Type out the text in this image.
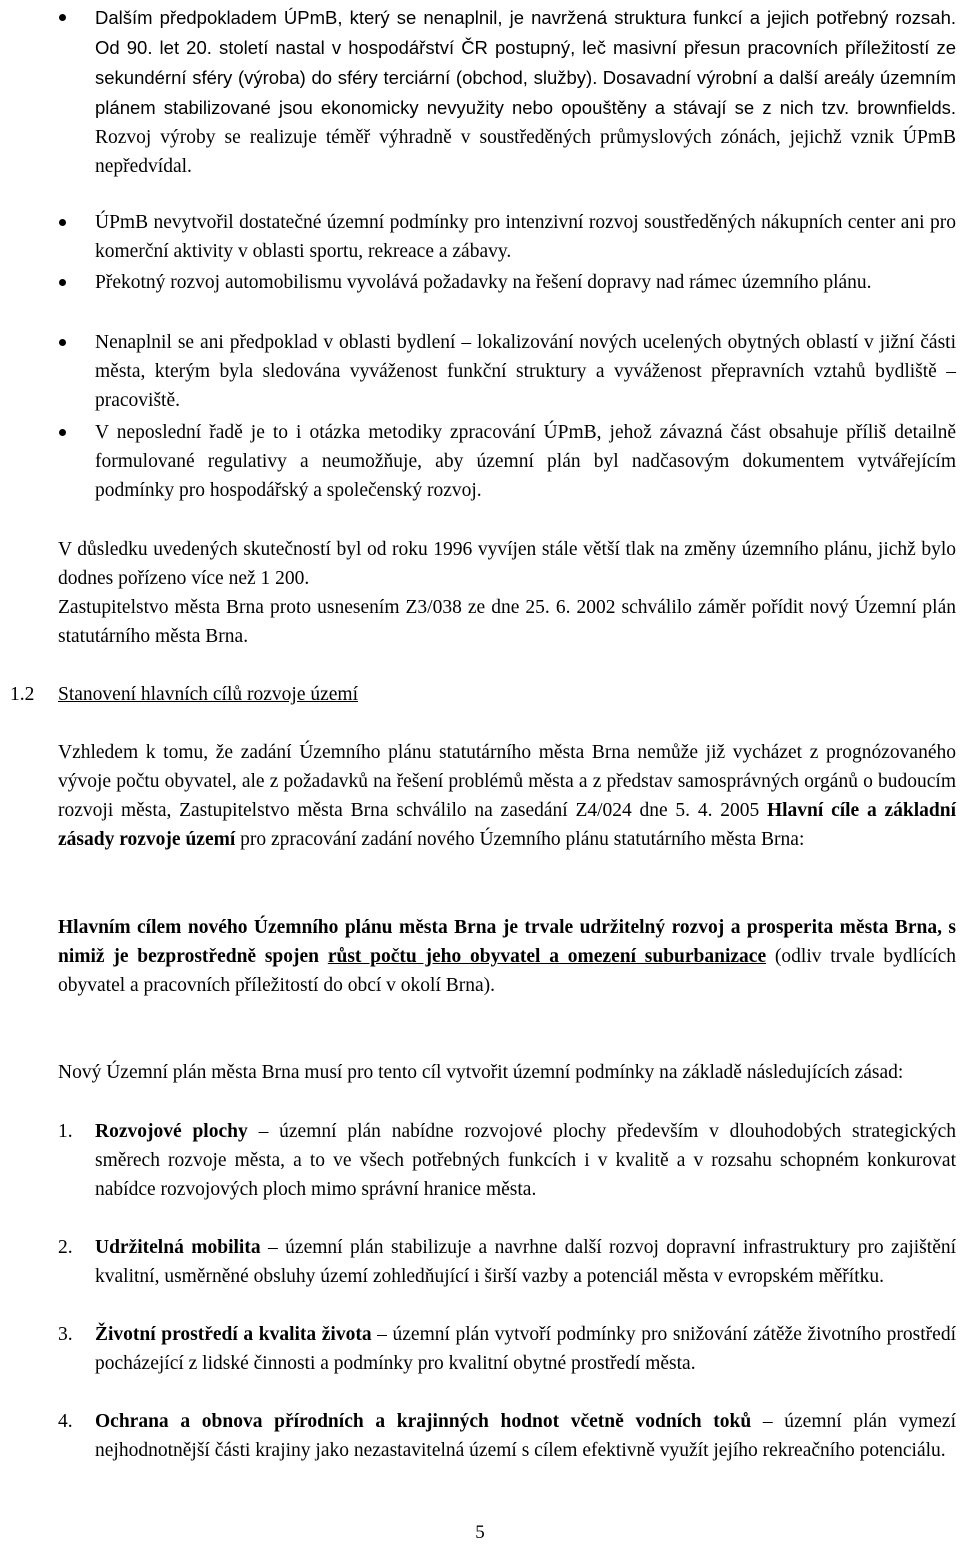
Dalším předpokladem ÚPmB, který se nenaplnil, je navržená struktura funkcí a jejich potřebný rozsah. Od 90. let 20. století nastal v hospodářství ČR postupný, leč masivní přesun pracovních příležitostí ze sekundérní sféry (výroba) do sféry terciární (obchod, služby). Dosavadní výrobní a další areály územním plánem stabilizované jsou ekonomicky nevyužity nebo opouštěny a stávají se z nich tzv. brownfields. Rozvoj výroby se realizuje téměř výhradně v soustředěných průmyslových zónách, jejichž vznik ÚPmB nepředvídal.
ÚPmB nevytvořil dostatečné územní podmínky pro intenzivní rozvoj soustředěných nákupních center ani pro komerční aktivity v oblasti sportu, rekreace a zábavy.
Překotný rozvoj automobilismu vyvolává požadavky na řešení dopravy nad rámec územního plánu.
Nenaplnil se ani předpoklad v oblasti bydlení – lokalizování nových ucelených obytných oblastí v jižní části města, kterým byla sledována vyváženost funkční struktury a vyváženost přepravních vztahů bydliště – pracoviště.
V neposlední řadě je to i otázka metodiky zpracování ÚPmB, jehož závazná část obsahuje příliš detailně formulované regulativy a neumožňuje, aby územní plán byl nadčasovým dokumentem vytvářejícím podmínky pro hospodářský a společenský rozvoj.
V důsledku uvedených skutečností byl od roku 1996 vyvíjen stále větší tlak na změny územního plánu, jichž bylo dodnes pořízeno více než 1 200.
Zastupitelstvo města Brna proto usnesením Z3/038 ze dne 25. 6. 2002 schválilo záměr pořídit nový Územní plán statutárního města Brna.
1.2 Stanovení hlavních cílů rozvoje území
Vzhledem k tomu, že zadání Územního plánu statutárního města Brna nemůže již vycházet z prognózovaného vývoje počtu obyvatel, ale z požadavků na řešení problémů města a z představ samosprávných orgánů o budoucím rozvoji města, Zastupitelstvo města Brna schválilo na zasedání Z4/024 dne 5. 4. 2005 Hlavní cíle a základní zásady rozvoje území pro zpracování zadání nového Územního plánu statutárního města Brna:
Hlavním cílem nového Územního plánu města Brna je trvale udržitelný rozvoj a prosperita města Brna, s nimiž je bezprostředně spojen růst počtu jeho obyvatel a omezení suburbanizace (odliv trvale bydlících obyvatel a pracovních příležitostí do obcí v okolí Brna).
Nový Územní plán města Brna musí pro tento cíl vytvořit územní podmínky na základě následujících zásad:
1. Rozvojové plochy – územní plán nabídne rozvojové plochy především v dlouhodobých strategických směrech rozvoje města, a to ve všech potřebných funkcích i v kvalitě a v rozsahu schopném konkurovat nabídce rozvojových ploch mimo správní hranice města.
2. Udržitelná mobilita – územní plán stabilizuje a navrhne další rozvoj dopravní infrastruktury pro zajištění kvalitní, usměrněné obsluhy území zohledňující i širší vazby a potenciál města v evropském měřítku.
3. Životní prostředí a kvalita života – územní plán vytvoří podmínky pro snižování zátěže životního prostředí pocházející z lidské činnosti a podmínky pro kvalitní obytné prostředí města.
4. Ochrana a obnova přírodních a krajinných hodnot včetně vodních toků – územní plán vymezí nejhodnotnější části krajiny jako nezastavitelná území s cílem efektivně využít jejího rekreačního potenciálu.
5
